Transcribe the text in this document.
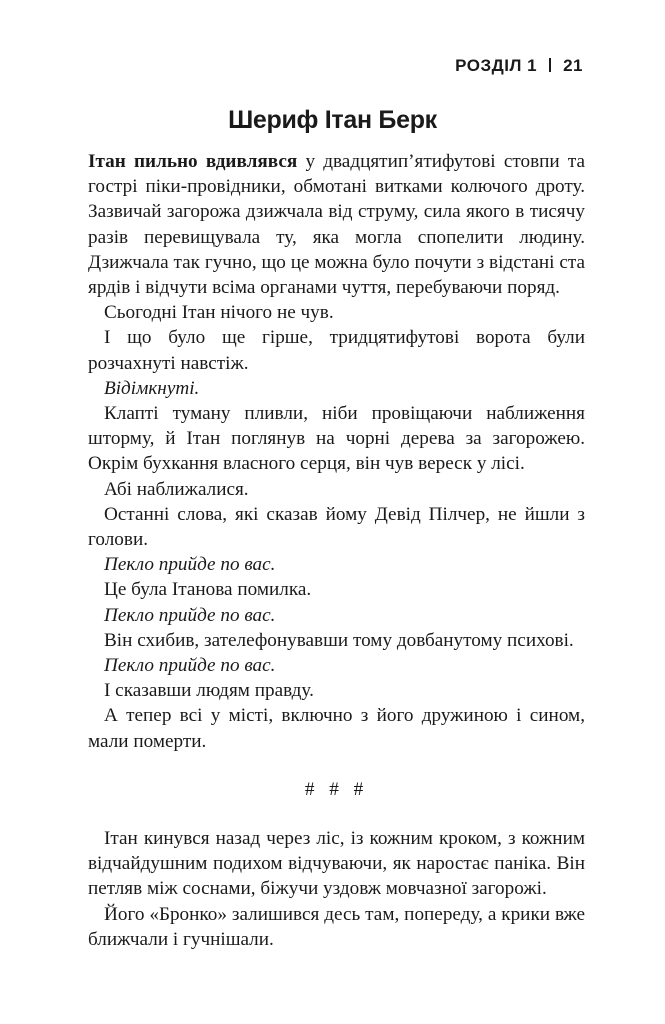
РОЗДІЛ 1 21
Шериф Ітан Берк

Ітан пильно вдивлявся у двадцятип’ятифутові стовпи та гострі піки-провідники, обмотані витками колючого дроту. Зазвичай загорожа дзижчала від струму, сила якого в тисячу разів перевищувала ту, яка могла спопелити людину. Дзижчала так гучно, що це можна було почути з відстані ста ярдів і відчути всіма органами чуття, перебуваючи поряд.

Сьогодні Ітан нічого не чув.

І що було ще гірше, тридцятифутові ворота були розчахнуті навстіж.

Відімкнуті.

Клапті туману пливли, ніби провіщаючи наближення шторму, й Ітан поглянув на чорні дерева за загорожею. Окрім бухкання власного серця, він чув вереск у лісі.

Абі наближалися.

Останні слова, які сказав йому Девід Пілчер, не йшли з голови.

Пекло прийде по вас.

Це була Ітанова помилка.

Пекло прийде по вас.

Він схибив, зателефонувавши тому довбанутому психові.

Пекло прийде по вас.

І сказавши людям правду.

А тепер всі у місті, включно з його дружиною і сином, мали померти.

# # #

Ітан кинувся назад через ліс, із кожним кроком, з кожним відчайдушним подихом відчуваючи, як наростає паніка. Він петляв між соснами, біжучи уздовж мовчазної загорожі.

Його «Бронко» залишився десь там, попереду, а крики вже ближчали і гучнішали.
